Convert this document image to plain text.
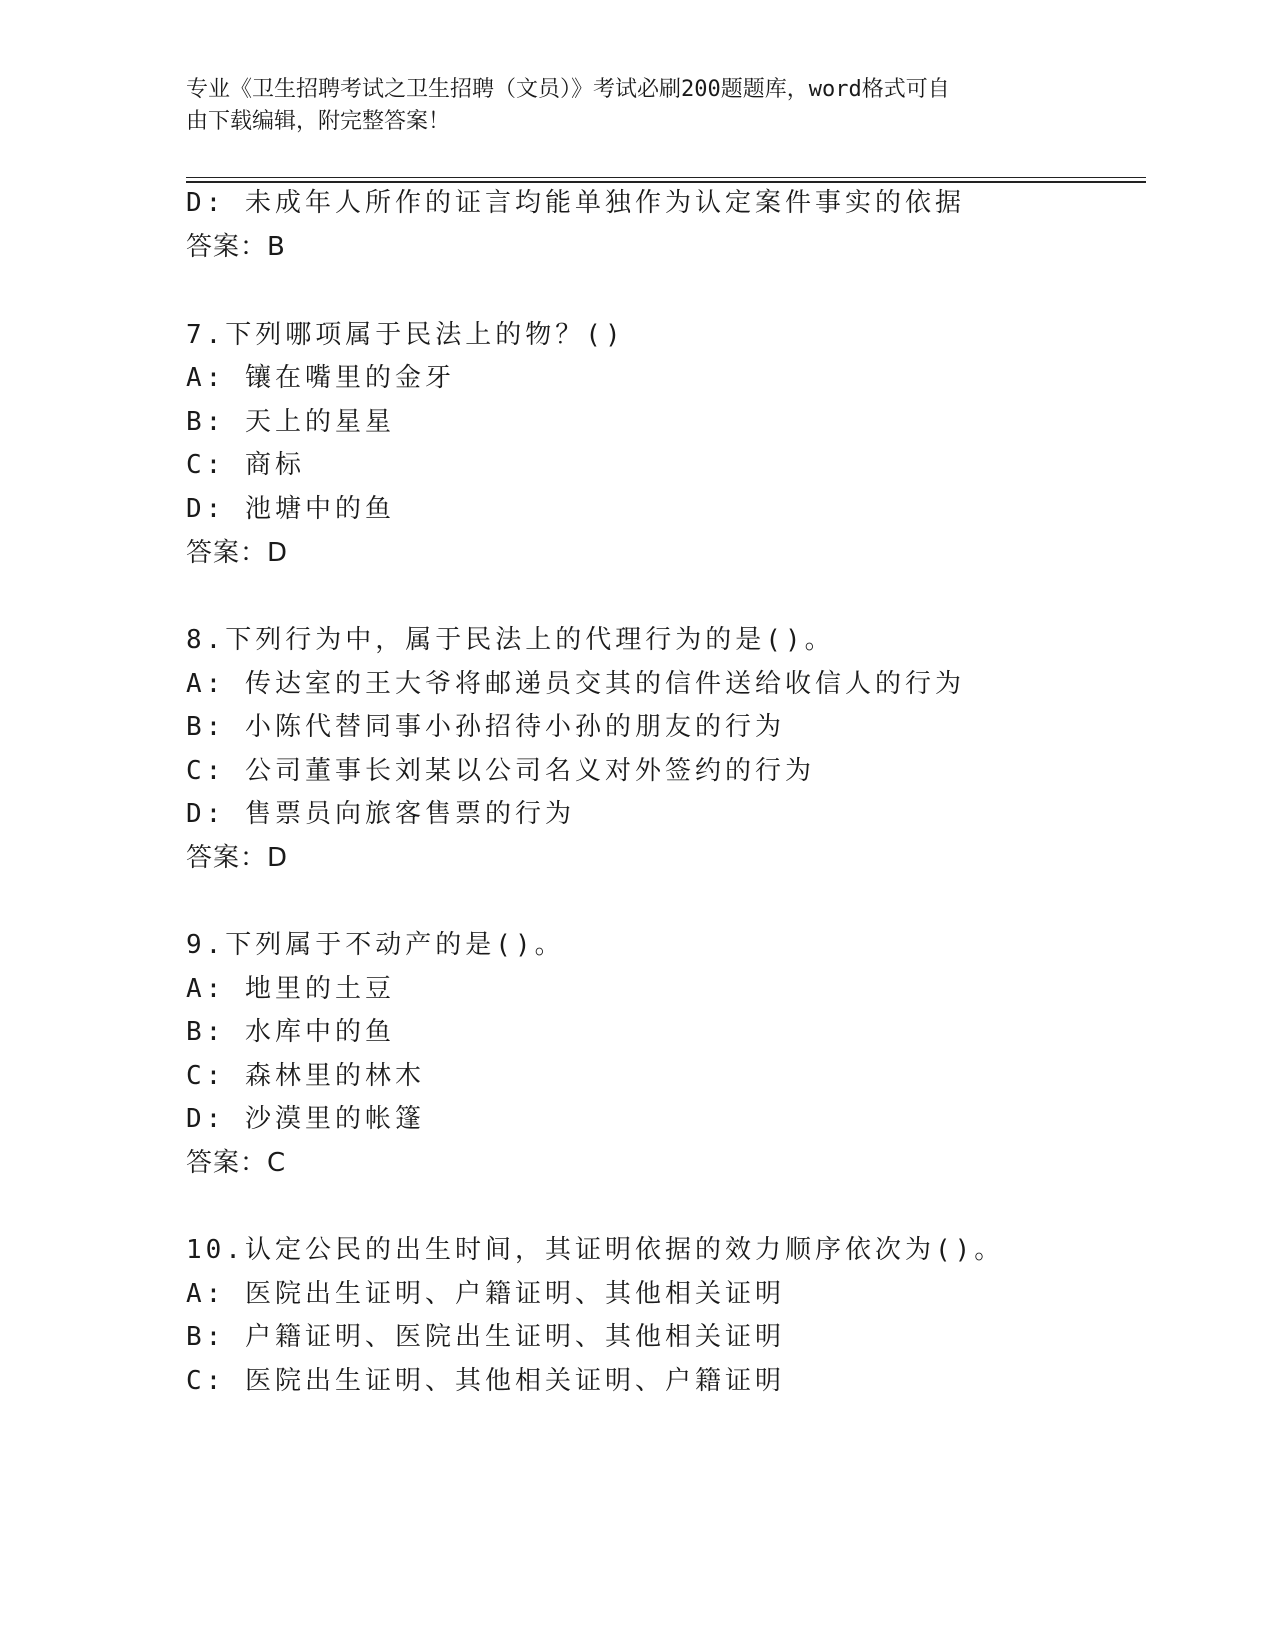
专业《卫生招聘考试之卫生招聘（文员）》考试必刷200题题库，word格式可自
由下载编辑，附完整答案！
D: 未成年人所作的证言均能单独作为认定案件事实的依据
答案：B
7.下列哪项属于民法上的物？()
A: 镶在嘴里的金牙
B: 天上的星星
C: 商标
D: 池塘中的鱼
答案：D
8.下列行为中，属于民法上的代理行为的是()。
A: 传达室的王大爷将邮递员交其的信件送给收信人的行为
B: 小陈代替同事小孙招待小孙的朋友的行为
C: 公司董事长刘某以公司名义对外签约的行为
D: 售票员向旅客售票的行为
答案：D
9.下列属于不动产的是()。
A: 地里的土豆
B: 水库中的鱼
C: 森林里的林木
D: 沙漠里的帐篷
答案：C
10.认定公民的出生时间，其证明依据的效力顺序依次为()。
A: 医院出生证明、户籍证明、其他相关证明
B: 户籍证明、医院出生证明、其他相关证明
C: 医院出生证明、其他相关证明、户籍证明
